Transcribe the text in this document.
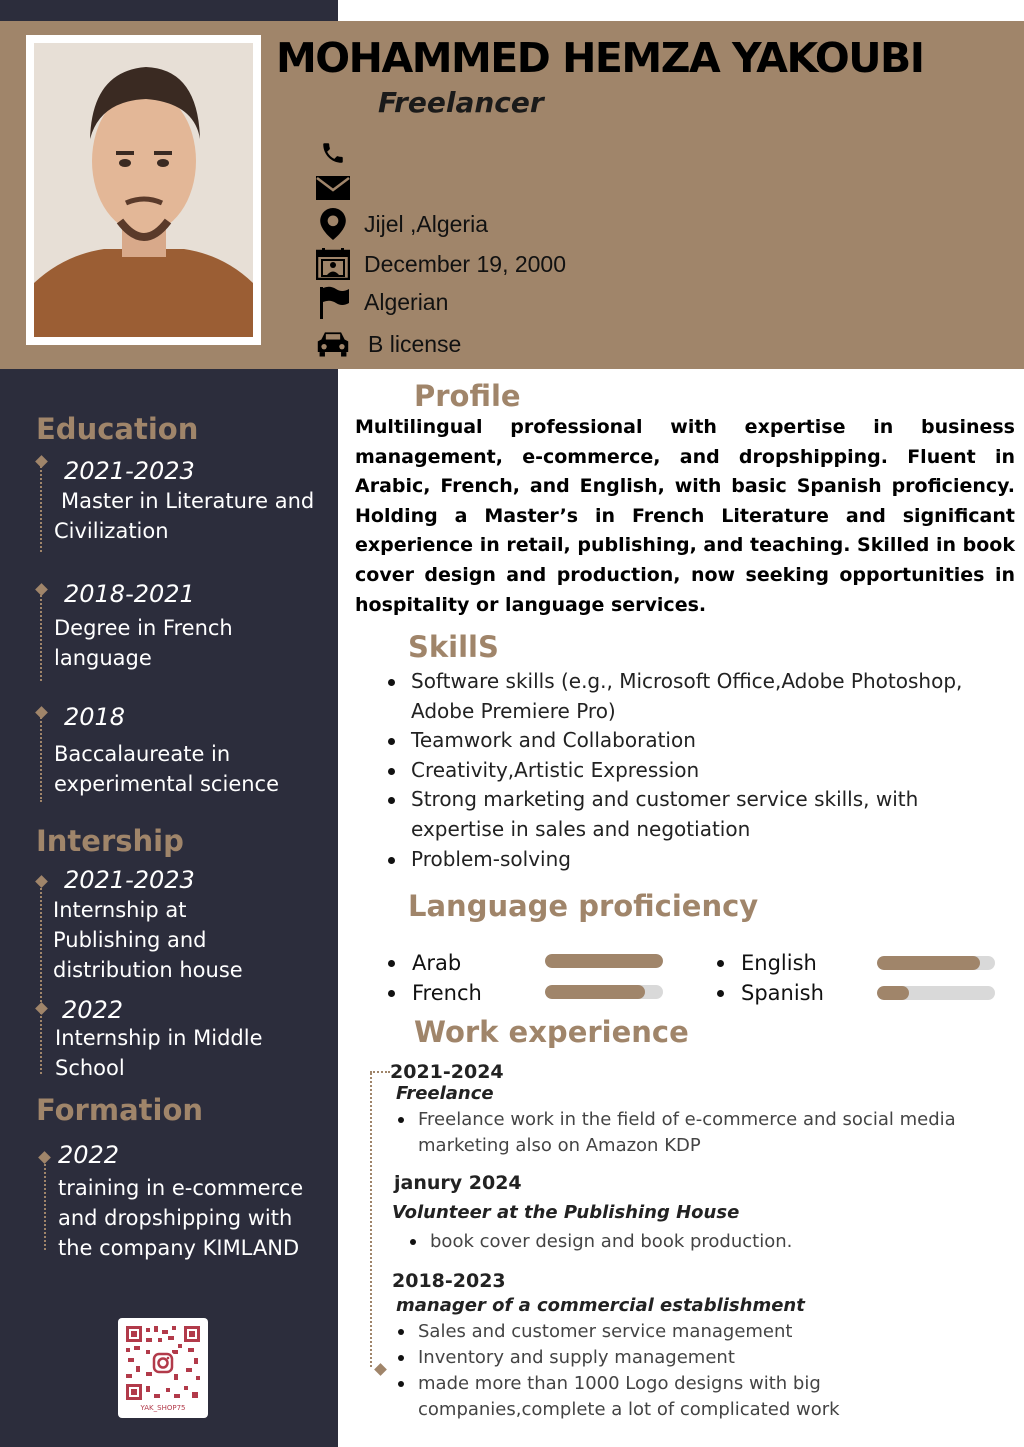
MOHAMMED HEMZA YAKOUBI
Freelancer
Jijel ,Algeria
December 19, 2000
Algerian
B license
Education
2021-2023
Master in Literature and Civilization
2018-2021
Degree in French language
2018
Baccalaureate in experimental science
Intership
2021-2023
Internship at Publishing and distribution house
2022
Internship in Middle School
Formation
2022
training in e-commerce and dropshipping with the company KIMLAND
YAK_SHOP75
Profile
Multilingual professional with expertise in business management, e-commerce, and dropshipping. Fluent in Arabic, French, and English, with basic Spanish proficiency. Holding a Master’s in French Literature and significant experience in retail, publishing, and teaching. Skilled in book cover design and production, now seeking opportunities in hospitality or language services.
SkillS
Software skills (e.g., Microsoft Office,Adobe Photoshop, Adobe Premiere Pro)
Teamwork and Collaboration
Creativity,Artistic Expression
Strong marketing and customer service skills, with expertise in sales and negotiation
Problem-solving
Language proficiency
Arab
French
English
Spanish
Work experience
2021-2024
Freelance
Freelance work in the field of e-commerce and social media marketing also on Amazon KDP
janury 2024
Volunteer at the Publishing House
book cover design and book production.
2018-2023
manager of a commercial establishment
Sales and customer service management
Inventory and supply management
made more than 1000 Logo designs with big companies,complete a lot of complicated work
